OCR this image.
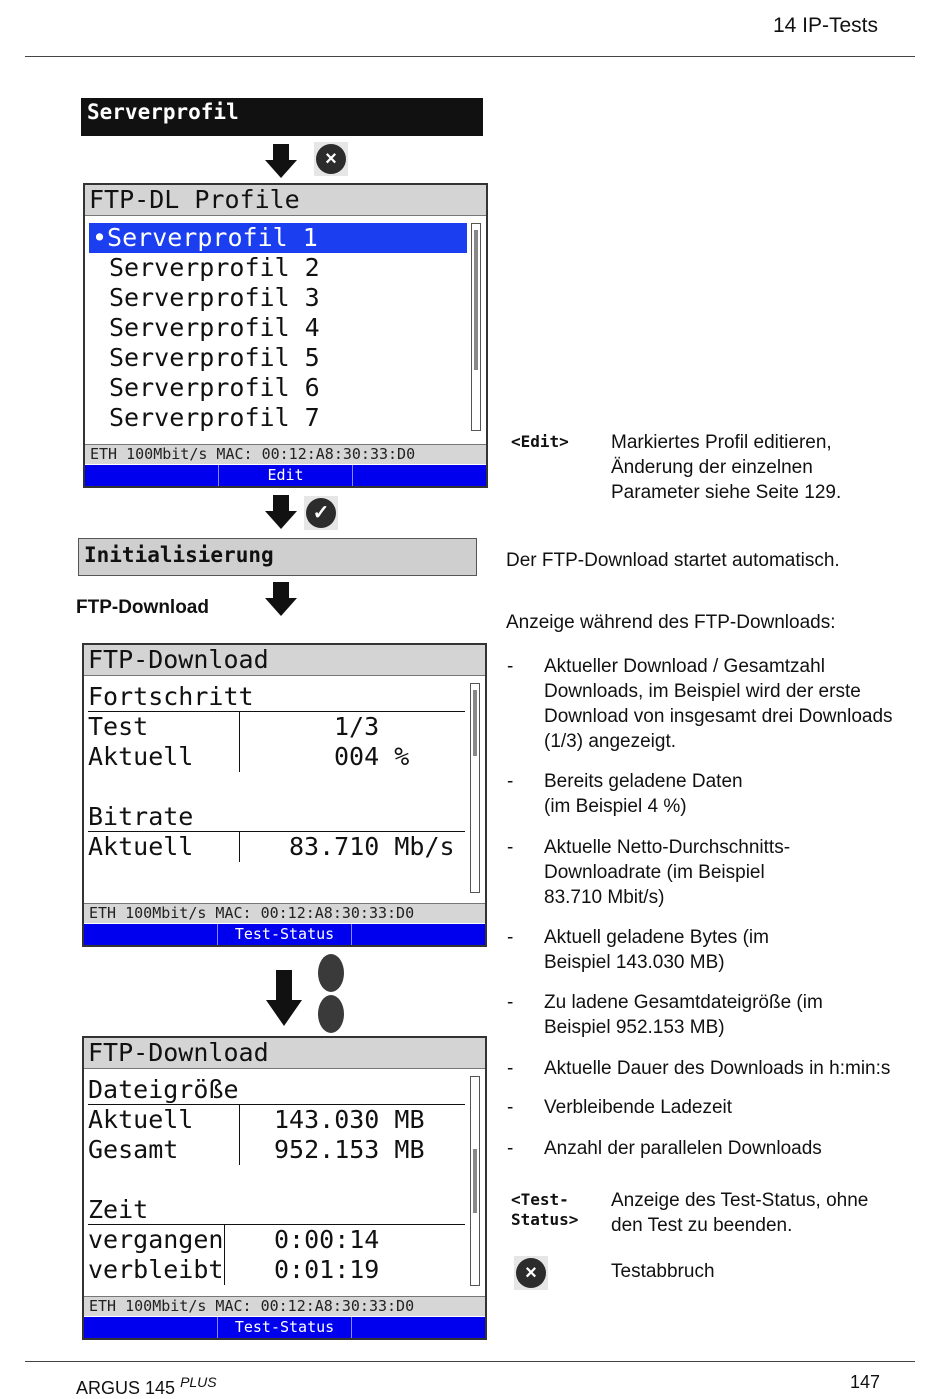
14 IP-Tests
ARGUS 145 $^{PLUS}$	147
Serverprofil
×
FTP-DL Profile
•Serverprofil 1
Serverprofil 2
Serverprofil 3
Serverprofil 4
Serverprofil 5
Serverprofil 6
Serverprofil 7
ETH 100Mbit/s MAC: 00:12:A8:30:33:D0
Edit
✓
Initialisierung
FTP-Download
FTP-Download
Fortschritt
Test	1/3
Aktuell	004 %
Bitrate
Aktuell	83.710 Mb/s
ETH 100Mbit/s MAC: 00:12:A8:30:33:D0
Test-Status
FTP-Download
Dateigröße
Aktuell	143.030 MB
Gesamt	952.153 MB
Zeit
vergangen 0:00:14
verbleibt 0:01:19
ETH 100Mbit/s MAC: 00:12:A8:30:33:D0
Test-Status
<Edit> Markiertes Profil editieren, Änderung der einzelnen Parameter siehe Seite 129.
Der FTP-Download startet automatisch.
Anzeige während des FTP-Downloads:
- Aktueller Download / Gesamtzahl Downloads, im Beispiel wird der erste Download von insgesamt drei Downloads (1/3) angezeigt.
- Bereits geladene Daten (im Beispiel 4 %)
- Aktuelle Netto-Durchschnitts-Downloadrate (im Beispiel 83.710 Mbit/s)
- Aktuell geladene Bytes (im Beispiel 143.030 MB)
- Zu ladene Gesamtdateigröße (im Beispiel 952.153 MB)
- Aktuelle Dauer des Downloads in h:min:s
- Verbleibende Ladezeit
- Anzahl der parallelen Downloads
<Test-Status>
Anzeige des Test-Status, ohne den Test zu beenden.
×	Testabbruch
